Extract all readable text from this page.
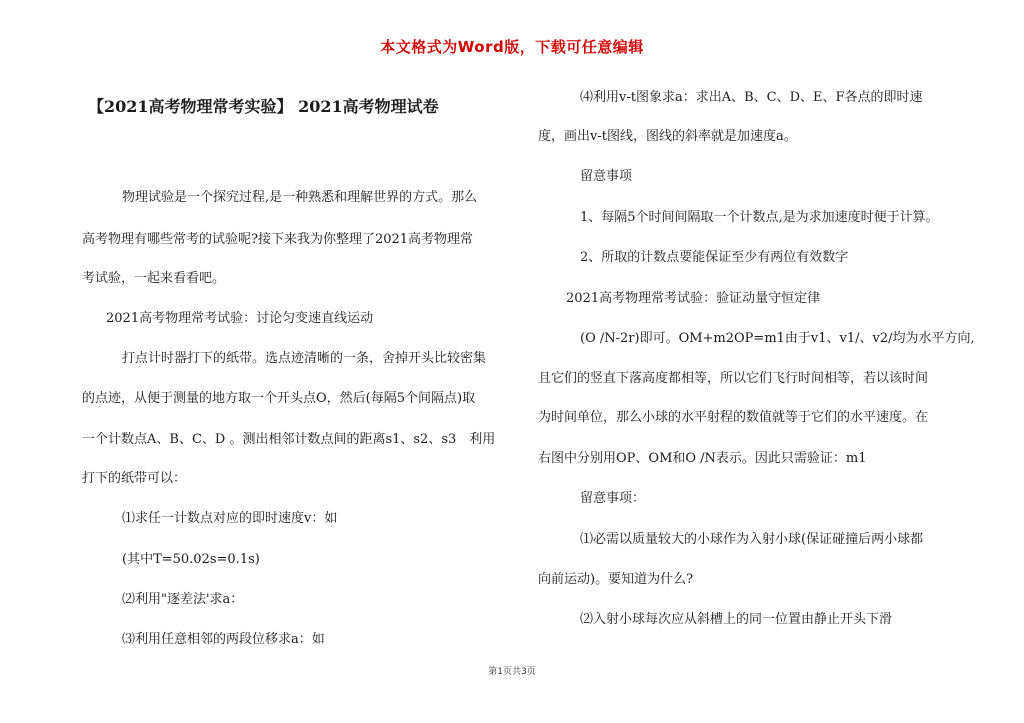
本文格式为Word版，下载可任意编辑
【2021高考物理常考实验】 2021高考物理试卷

物理试验是一个探究过程,是一种熟悉和理解世界的方式。那么

高考物理有哪些常考的试验呢?接下来我为你整理了2021高考物理常

考试验，一起来看看吧。

2021高考物理常考试验：讨论匀变速直线运动

打点计时器打下的纸带。选点迹清晰的一条，舍掉开头比较密集

的点迹，从便于测量的地方取一个开头点O，然后(每隔5个间隔点)取

一个计数点A、B、C、D 。测出相邻计数点间的距离s1、s2、s3　利用

打下的纸带可以：

⑴求任一计数点对应的即时速度v：如

(其中T=50.02s=0.1s)

⑵利用"逐差法'求a：

⑶利用任意相邻的两段位移求a：如

⑷利用v-t图象求a：求出A、B、C、D、E、F各点的即时速

度，画出v-t图线，图线的斜率就是加速度a。

留意事项

1、每隔5个时间间隔取一个计数点,是为求加速度时便于计算。

2、所取的计数点要能保证至少有两位有效数字

2021高考物理常考试验：验证动量守恒定律

(O /N-2r)即可。OM+m2OP=m1由于v1、v1/、v2/均为水平方向,

且它们的竖直下落高度都相等，所以它们飞行时间相等，若以该时间

为时间单位，那么小球的水平射程的数值就等于它们的水平速度。在

右图中分别用OP、OM和O /N表示。因此只需验证：m1

留意事项：

⑴必需以质量较大的小球作为入射小球(保证碰撞后两小球都

向前运动)。要知道为什么?

⑵入射小球每次应从斜槽上的同一位置由静止开头下滑

第1页共3页
